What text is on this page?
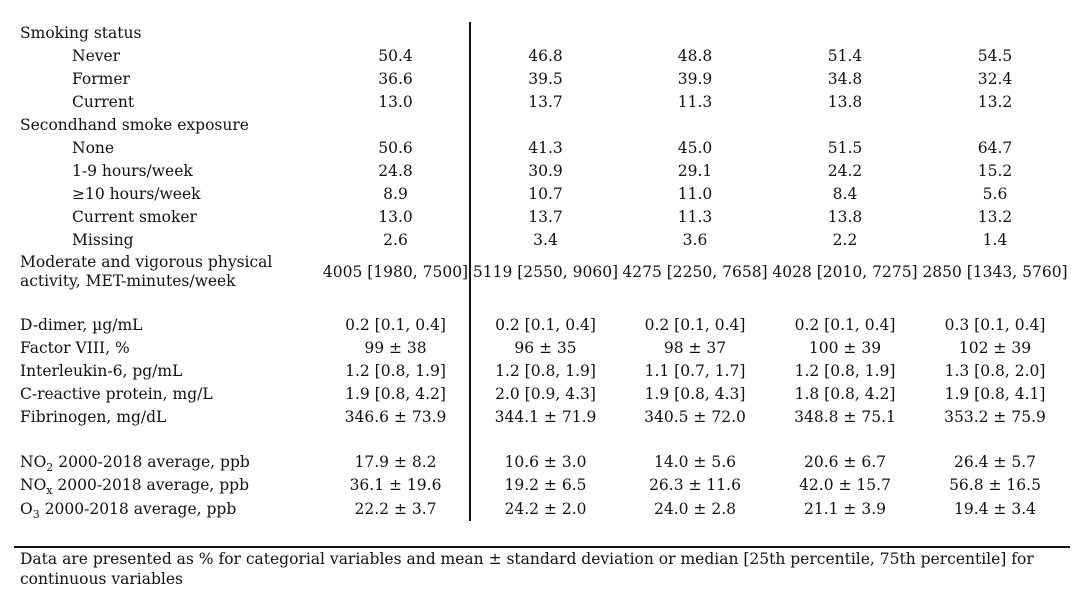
Smoking status					
Never	50.4	46.8	48.8	51.4	54.5
Former	36.6	39.5	39.9	34.8	32.4
Current	13.0	13.7	11.3	13.8	13.2
Secondhand smoke exposure					
None	50.6	41.3	45.0	51.5	64.7
1-9 hours/week	24.8	30.9	29.1	24.2	15.2
≥10 hours/week	8.9	10.7	11.0	8.4	5.6
Current smoker	13.0	13.7	11.3	13.8	13.2
Missing	2.6	3.4	3.6	2.2	1.4
Moderate and vigorous physical activity, MET-minutes/week	4005 [1980, 7500]	5119 [2550, 9060]	4275 [2250, 7658]	4028 [2010, 7275]	2850 [1343, 5760]

D-dimer, µg/mL	0.2 [0.1, 0.4]	0.2 [0.1, 0.4]	0.2 [0.1, 0.4]	0.2 [0.1, 0.4]	0.3 [0.1, 0.4]
Factor VIII, %	99 ± 38	96 ± 35	98 ± 37	100 ± 39	102 ± 39
Interleukin-6, pg/mL	1.2 [0.8, 1.9]	1.2 [0.8, 1.9]	1.1 [0.7, 1.7]	1.2 [0.8, 1.9]	1.3 [0.8, 2.0]
C-reactive protein, mg/L	1.9 [0.8, 4.2]	2.0 [0.9, 4.3]	1.9 [0.8, 4.3]	1.8 [0.8, 4.2]	1.9 [0.8, 4.1]
Fibrinogen, mg/dL	346.6 ± 73.9	344.1 ± 71.9	340.5 ± 72.0	348.8 ± 75.1	353.2 ± 75.9

$NO_2$ 2000-2018 average, ppb	17.9 ± 8.2	10.6 ± 3.0	14.0 ± 5.6	20.6 ± 6.7	26.4 ± 5.7
$NO_x$ 2000-2018 average, ppb	36.1 ± 19.6	19.2 ± 6.5	26.3 ± 11.6	42.0 ± 15.7	56.8 ± 16.5
$O_3$ 2000-2018 average, ppb	22.2 ± 3.7	24.2 ± 2.0	24.0 ± 2.8	21.1 ± 3.9	19.4 ± 3.4
Data are presented as % for categorial variables and mean ± standard deviation or median [25th percentile, 75th percentile] for continuous variables
